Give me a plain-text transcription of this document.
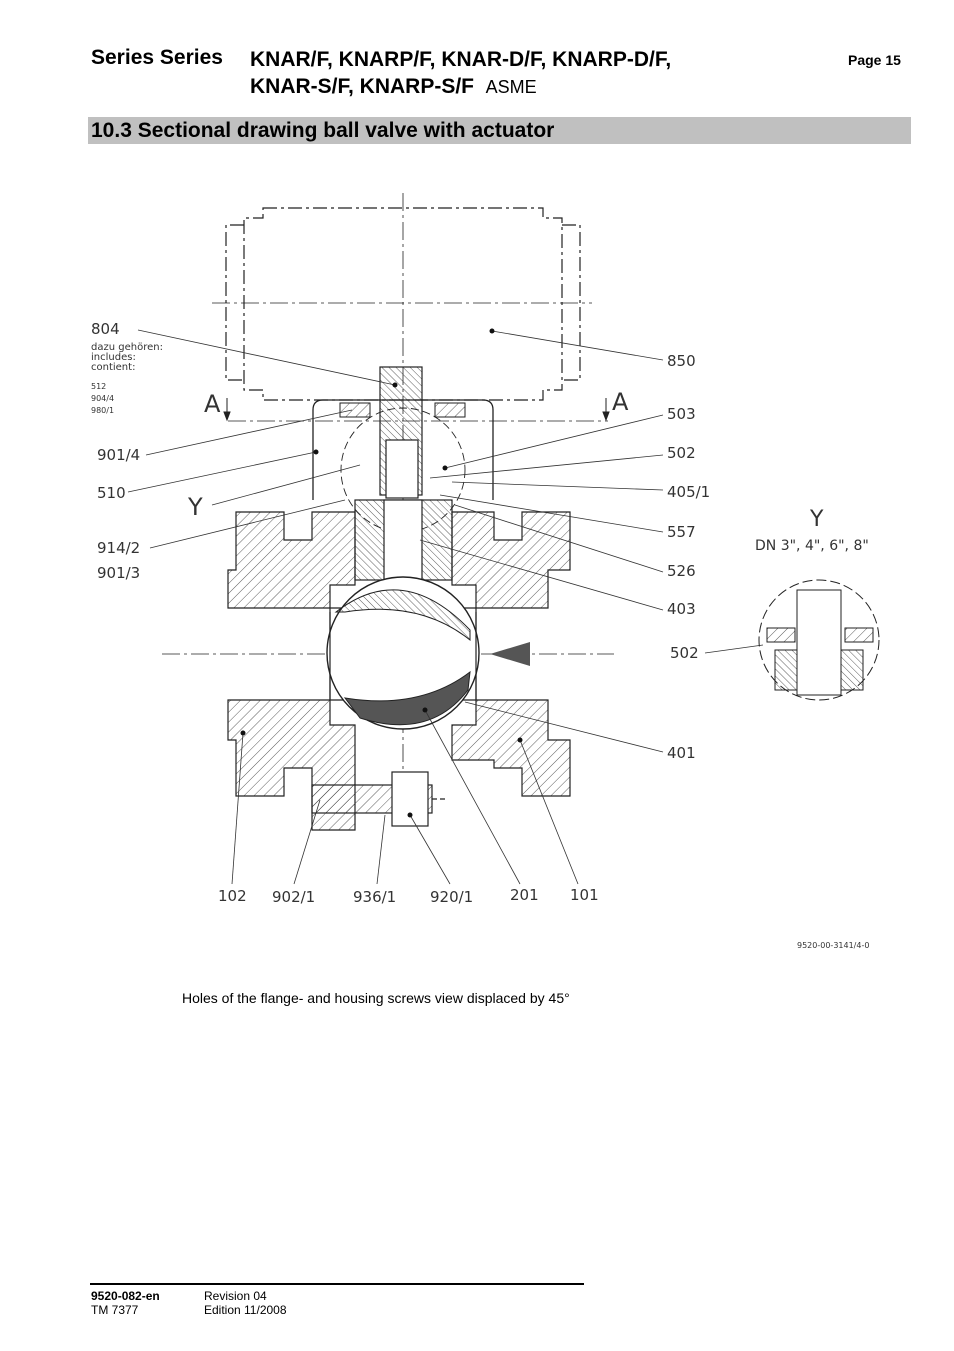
Series Series KNAR/F, KNARP/F, KNAR-D/F, KNARP-D/F,
KNAR-S/F, KNARP-S/F ASME
Page 15
10.3 Sectional drawing ball valve with actuator
804
dazu gehören:
includes:
contient:
512
904/4
980/1
901/4
510
914/2
901/3
A	A
Y
850
503
502
405/1
557
526
403
502
401
Y
DN 3", 4", 6", 8"
102 902/1	936/1 920/1 201 101
9520-00-3141/4-0
Holes of the flange- and housing screws view displaced by 45°
9520-082-en
TM 7377
Revision 04
Edition 11/2008
